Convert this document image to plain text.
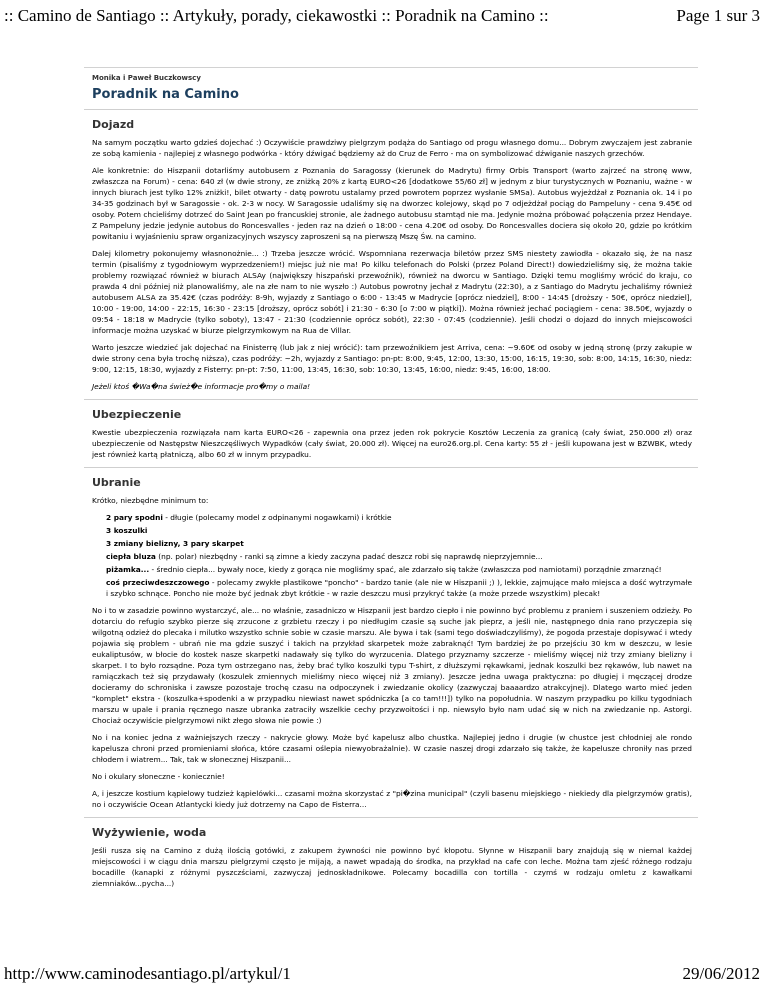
:: Camino de Santiago :: Artykuły, porady, ciekawostki :: Poradnik na Camino ::	Page 1 sur 3
Monika i Paweł Buczkowscy
Poradnik na Camino
Dojazd

Na samym początku warto gdzieś dojechać :) Oczywiście prawdziwy pielgrzym podąża do Santiago od progu własnego domu... Dobrym zwyczajem jest zabranie ze sobą kamienia - najlepiej z własnego podwórka - który dźwigać będziemy aż do Cruz de Ferro - ma on symbolizować dźwiganie naszych grzechów.

Ale konkretnie: do Hiszpanii dotarliśmy autobusem z Poznania do Saragossy (kierunek do Madrytu) firmy Orbis Transport (warto zajrzeć na stronę www, zwłaszcza na Forum) - cena: 640 zł (w dwie strony, ze zniżką 20% z kartą EURO<26 [dodatkowe 55/60 zł] w jednym z biur turystycznych w Poznaniu, ważne - w innych biurach jest tylko 12% zniżki!, bilet otwarty - datę powrotu ustalamy przed powrotem poprzez wysłanie SMSa). Autobus wyjeżdżał z Poznania ok. 14 i po 34-35 godzinach był w Saragossie - ok. 2-3 w nocy. W Saragossie udaliśmy się na dworzec kolejowy, skąd po 7 odjeżdżał pociąg do Pampeluny - cena 9.45€ od osoby. Potem chcieliśmy dotrzeć do Saint Jean po francuskiej stronie, ale żadnego autobusu stamtąd nie ma. Jedynie można próbować połączenia przez Hendaye. Z Pampeluny jedzie jedynie autobus do Roncesvalles - jeden raz na dzień o 18:00 - cena 4.20€ od osoby. Do Roncesvalles dociera się około 20, gdzie po krótkim powitaniu i wyjaśnieniu spraw organizacyjnych wszyscy zaproszeni są na pierwszą Mszę Św. na camino.

Dalej kilometry pokonujemy własnonożnie... :) Trzeba jeszcze wrócić. Wspomniana rezerwacja biletów przez SMS niestety zawiodła - okazało się, że na nasz termin (pisaliśmy z tygodniowym wyprzedzeniem!) miejsc już nie ma! Po kilku telefonach do Polski (przez Poland Direct!) dowiedzieliśmy się, że można takie problemy rozwiązać również w biurach ALSAy (największy hiszpański przewoźnik), również na dworcu w Santiago. Dzięki temu mogliśmy wrócić do kraju, co prawda 4 dni później niż planowaliśmy, ale na złe nam to nie wyszło :) Autobus powrotny jechał z Madrytu (22:30), a z Santiago do Madrytu jechaliśmy również autobusem ALSA za 35.42€ (czas podróży: 8-9h, wyjazdy z Santiago o 6:00 - 13:45 w Madrycie [oprócz niedziel], 8:00 - 14:45 [droższy - 50€, oprócz niedziel], 10:00 - 19:00, 14:00 - 22:15, 16:30 - 23:15 [droższy, oprócz sobót] i 21:30 - 6:30 [o 7:00 w piątki]). Można również jechać pociągiem - cena: 38.50€, wyjazdy o 09:54 - 18:18 w Madrycie (tylko soboty), 13:47 - 21:30 (codziennie oprócz sobót), 22:30 - 07:45 (codziennie). Jeśli chodzi o dojazd do innych miejscowości informacje można uzyskać w biurze pielgrzymkowym na Rua de Villar.

Warto jeszcze wiedzieć jak dojechać na Finisterrę (lub jak z niej wrócić): tam przewoźnikiem jest Arriva, cena: ~9.60€ od osoby w jedną stronę (przy zakupie w dwie strony cena była trochę niższa), czas podróży: ~2h, wyjazdy z Santiago: pn-pt: 8:00, 9:45, 12:00, 13:30, 15:00, 16:15, 19:30, sob: 8:00, 14:15, 16:30, niedz: 9:00, 12:15, 18:30, wyjazdy z Fisterry: pn-pt: 7:50, 11:00, 13:45, 16:30, sob: 10:30, 13:45, 16:00, niedz: 9:45, 16:00, 18:00.

Jeżeli ktoś �Wa�na śwież�e informacje pro�my o maila!

Ubezpieczenie

Kwestie ubezpieczenia rozwiązała nam karta EURO<26 - zapewnia ona przez jeden rok pokrycie Kosztów Leczenia za granicą (cały świat, 250.000 zł) oraz ubezpieczenie od Następstw Nieszczęśliwych Wypadków (cały świat, 20.000 zł). Więcej na euro26.org.pl. Cena karty: 55 zł - jeśli kupowana jest w BZWBK, wtedy jest również kartą płatniczą, albo 60 zł w innym przypadku.

Ubranie

Krótko, niezbędne minimum to:

2 pary spodni - długie (polecamy model z odpinanymi nogawkami) i krótkie
3 koszulki
3 zmiany bielizny, 3 pary skarpet
ciepła bluza (np. polar) niezbędny - ranki są zimne a kiedy zaczyna padać deszcz robi się naprawdę nieprzyjemnie...
piżamka... - średnio ciepła... bywały noce, kiedy z gorąca nie mogliśmy spać, ale zdarzało się także (zwłaszcza pod namiotami) porządnie zmarznąć!
coś przeciwdeszczowego - polecamy zwykłe plastikowe "poncho" - bardzo tanie (ale nie w Hiszpanii ;) ), lekkie, zajmujące mało miejsca a dość wytrzymałe i szybko schnące. Poncho nie może być jednak zbyt krótkie - w razie deszczu musi przykryć także (a może przede wszystkim) plecak!

No i to w zasadzie powinno wystarczyć, ale... no właśnie, zasadniczo w Hiszpanii jest bardzo ciepło i nie powinno być problemu z praniem i suszeniem odzieży. Po dotarciu do refugio szybko pierze się zrzucone z grzbietu rzeczy i po niedługim czasie są suche jak pieprz, a jeśli nie, następnego dnia rano przyczepia się wilgotną odzież do plecaka i milutko wszystko schnie sobie w czasie marszu. Ale bywa i tak (sami tego doświadczyliśmy), że pogoda przestaje dopisywać i wtedy pojawia się problem - ubrań nie ma gdzie suszyć i takich na przykład skarpetek może zabraknąć! Tym bardziej że po przejściu 30 km w deszczu, w lesie eukaliptusów, w błocie do kostek nasze skarpetki nadawały się tylko do wyrzucenia. Dlatego przyznamy szczerze - mieliśmy więcej niż trzy zmiany bielizny i skarpet. I to było rozsądne. Poza tym ostrzegano nas, żeby brać tylko koszulki typu T-shirt, z dłuższymi rękawkami, jednak koszulki bez rękawów, lub nawet na ramiączkach też się przydawały (koszulek zmiennych mieliśmy nieco więcej niż 3 zmiany). Jeszcze jedna uwaga praktyczna: po długiej i męczącej drodze docieramy do schroniska i zawsze pozostaje trochę czasu na odpoczynek i zwiedzanie okolicy (zazwyczaj baaaardzo atrakcyjnej). Dlatego warto mieć jeden "komplet" ekstra - (koszulka+spodenki a w przypadku niewiast nawet spódniczka [a co tam!!!]) tylko na popołudnia. W naszym przypadku po kilku tygodniach marszu w upale i prania ręcznego nasze ubranka zatraciły wszelkie cechy przyzwoitości i np. niewsyło było nam udać się w nich na zwiedzanie np. Astorgi. Chociaż oczywiście pielgrzymowi nikt złego słowa nie powie :)

No i na koniec jedna z ważniejszych rzeczy - nakrycie głowy. Może być kapelusz albo chustka. Najlepiej jedno i drugie (w chustce jest chłodniej ale rondo kapelusza chroni przed promieniami słońca, które czasami oślepia niewyobrażalnie). W czasie naszej drogi zdarzało się także, że kapelusze chroniły nas przed chłodem i wiatrem... Tak, tak w słonecznej Hiszpanii...

No i okulary słoneczne - koniecznie!

A, i jeszcze kostium kąpielowy tudzież kąpielówki... czasami można skorzystać z "pi�zina municipal" (czyli basenu miejskiego - niekiedy dla pielgrzymów gratis), no i oczywiście Ocean Atlantycki kiedy już dotrzemy na Capo de Fisterra...

Wyżywienie, woda

Jeśli rusza się na Camino z dużą ilością gotówki, z zakupem żywności nie powinno być kłopotu. Słynne w Hiszpanii bary znajdują się w niemal każdej miejscowości i w ciągu dnia marszu pielgrzymi często je mijają, a nawet wpadają do środka, na przykład na cafe con leche. Można tam zjeść różnego rodzaju bocadille (kanapki z różnymi pyszczściami, zazwyczaj jednoskładnikowe. Polecamy bocadilla con tortilla - czymś w rodzaju omletu z kawałkami ziemniaków...pycha...)

http://www.caminodesantiago.pl/artykul/1	29/06/2012
